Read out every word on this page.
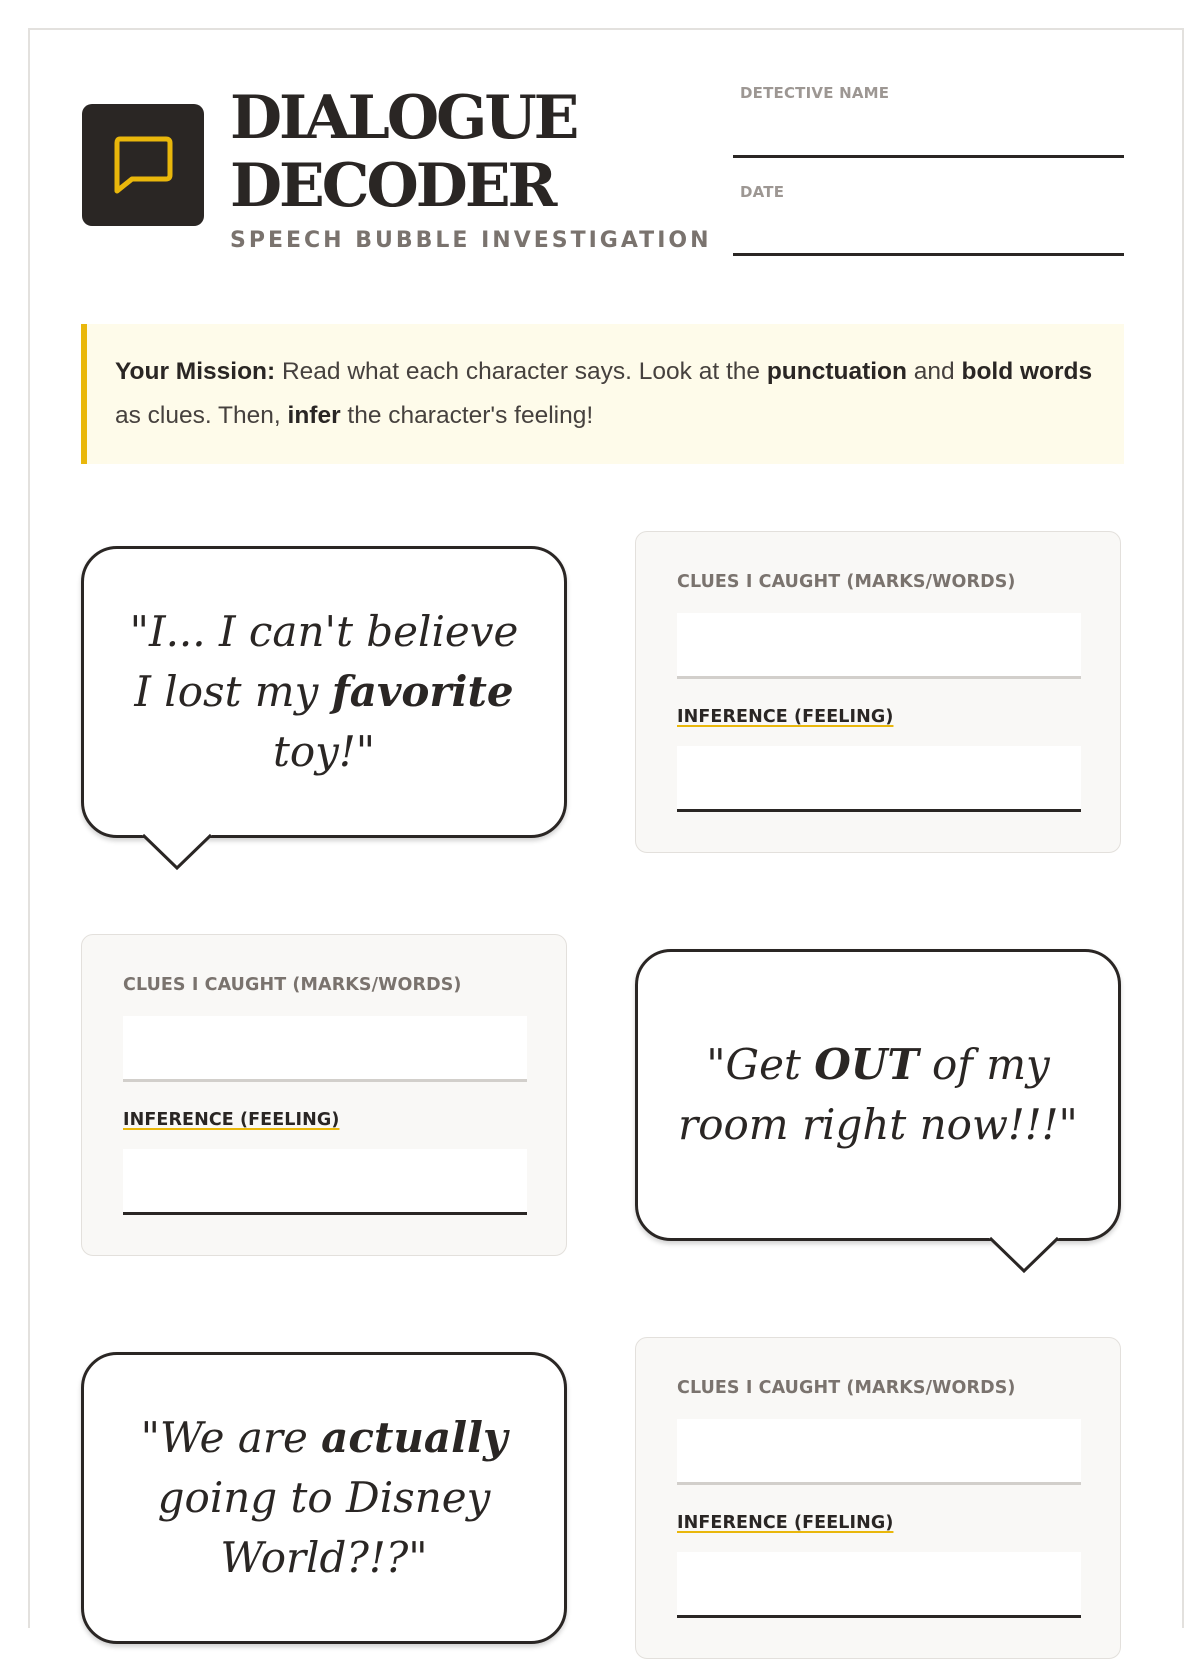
DIALOGUE
DECODER
SPEECH BUBBLE INVESTIGATION
DETECTIVE NAME
DATE
Your Mission: Read what each character says. Look at the punctuation and bold words as clues. Then, infer the character's feeling!
"I... I can't believe I lost my favorite toy!"
CLUES I CAUGHT (MARKS/WORDS)
INFERENCE (FEELING)
CLUES I CAUGHT (MARKS/WORDS)
INFERENCE (FEELING)
"Get OUT of my room right now!!!"
"We are actually going to Disney World?!?"
CLUES I CAUGHT (MARKS/WORDS)
INFERENCE (FEELING)
